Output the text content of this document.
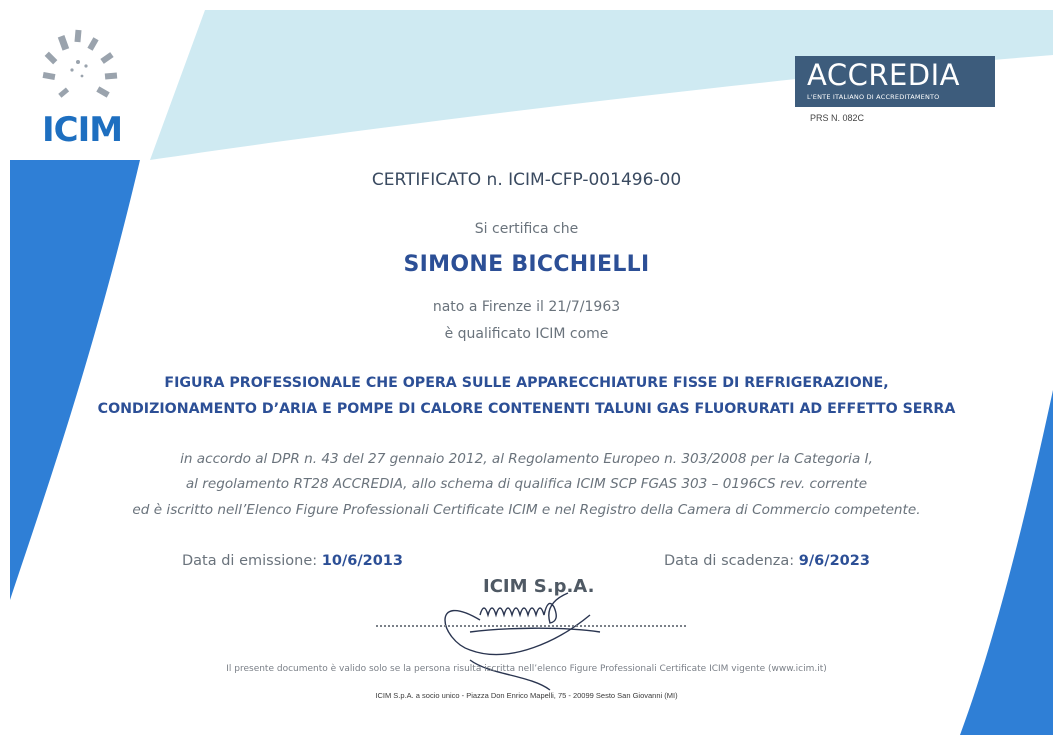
ICIM
ACCREDIA
L'ENTE ITALIANO DI ACCREDITAMENTO
PRS N. 082C
CERTIFICATO n. ICIM-CFP-001496-00
Si certifica che
SIMONE BICCHIELLI
nato a Firenze il 21/7/1963
è qualificato ICIM come
FIGURA PROFESSIONALE CHE OPERA SULLE APPARECCHIATURE FISSE DI REFRIGERAZIONE,
CONDIZIONAMENTO D’ARIA E POMPE DI CALORE CONTENENTI TALUNI GAS FLUORURATI AD EFFETTO SERRA
in accordo al DPR n. 43 del 27 gennaio 2012, al Regolamento Europeo n. 303/2008 per la Categoria I,
al regolamento RT28 ACCREDIA, allo schema di qualifica ICIM SCP FGAS 303 – 0196CS rev. corrente
ed è iscritto nell’Elenco Figure Professionali Certificate ICIM e nel Registro della Camera di Commercio competente.
Data di emissione: 10/6/2013	Data di scadenza: 9/6/2023
ICIM S.p.A.
Il presente documento è valido solo se la persona risulta iscritta nell’elenco Figure Professionali Certificate ICIM vigente (www.icim.it)
ICIM S.p.A. a socio unico - Piazza Don Enrico Mapelli, 75 - 20099 Sesto San Giovanni (MI)
